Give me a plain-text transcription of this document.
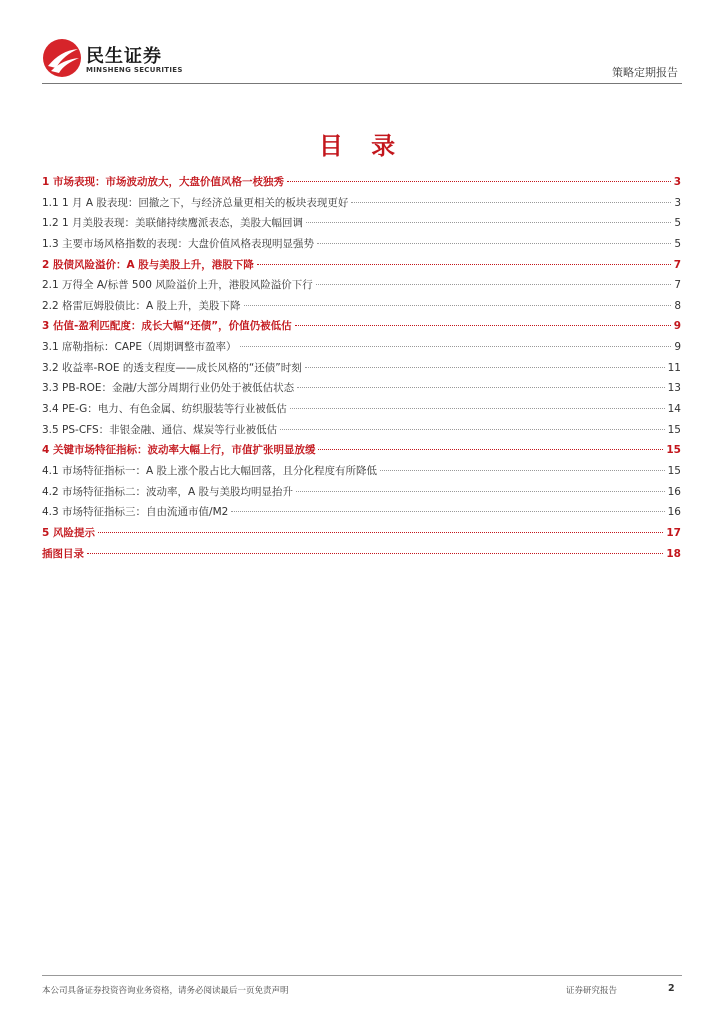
民生证券
MINSHENG SECURITIES	策略定期报告
目 录
1 市场表现：市场波动放大，大盘价值风格一枝独秀	3
1.1 1 月 A 股表现：回撤之下，与经济总量更相关的板块表现更好	3
1.2 1 月美股表现：美联储持续鹰派表态，美股大幅回调	5
1.3 主要市场风格指数的表现：大盘价值风格表现明显强势	5
2 股债风险溢价：A 股与美股上升，港股下降	7
2.1 万得全 A/标普 500 风险溢价上升，港股风险溢价下行	7
2.2 格雷厄姆股债比：A 股上升，美股下降	8
3 估值-盈利匹配度：成长大幅“还债”，价值仍被低估	9
3.1 席勒指标：CAPE（周期调整市盈率）	9
3.2 收益率-ROE 的透支程度——成长风格的“还债”时刻	11
3.3 PB-ROE：金融/大部分周期行业仍处于被低估状态	13
3.4 PE-G：电力、有色金属、纺织服装等行业被低估	14
3.5 PS-CFS：非银金融、通信、煤炭等行业被低估	15
4 关键市场特征指标：波动率大幅上行，市值扩张明显放缓	15
4.1 市场特征指标一：A 股上涨个股占比大幅回落，且分化程度有所降低	15
4.2 市场特征指标二：波动率，A 股与美股均明显抬升	16
4.3 市场特征指标三：自由流通市值/M2	16
5 风险提示	17
插图目录	18
本公司具备证券投资咨询业务资格，请务必阅读最后一页免责声明	证券研究报告	2
